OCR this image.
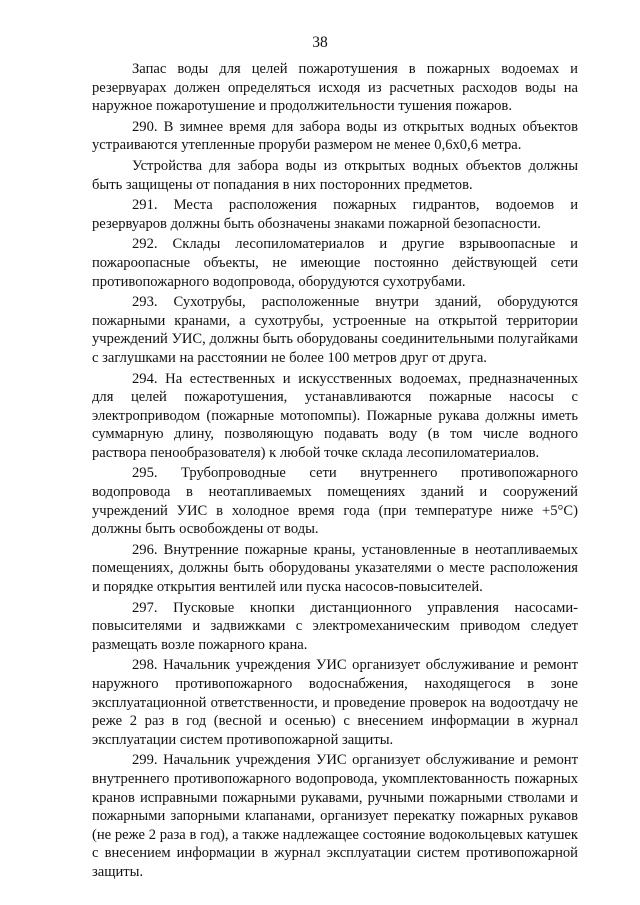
38

Запас воды для целей пожаротушения в пожарных водоемах и резервуарах должен определяться исходя из расчетных расходов воды на наружное пожаротушение и продолжительности тушения пожаров.

290. В зимнее время для забора воды из открытых водных объектов устраиваются утепленные проруби размером не менее 0,6х0,6 метра.

Устройства для забора воды из открытых водных объектов должны быть защищены от попадания в них посторонних предметов.

291. Места расположения пожарных гидрантов, водоемов и резервуаров должны быть обозначены знаками пожарной безопасности.

292. Склады лесопиломатериалов и другие взрывоопасные и пожароопасные объекты, не имеющие постоянно действующей сети противопожарного водопровода, оборудуются сухотрубами.

293. Сухотрубы, расположенные внутри зданий, оборудуются пожарными кранами, а сухотрубы, устроенные на открытой территории учреждений УИС, должны быть оборудованы соединительными полугайками с заглушками на расстоянии не более 100 метров друг от друга.

294. На естественных и искусственных водоемах, предназначенных для целей пожаротушения, устанавливаются пожарные насосы с электроприводом (пожарные мотопомпы). Пожарные рукава должны иметь суммарную длину, позволяющую подавать воду (в том числе водного раствора пенообразователя) к любой точке склада лесопиломатериалов.

295. Трубопроводные сети внутреннего противопожарного водопровода в неотапливаемых помещениях зданий и сооружений учреждений УИС в холодное время года (при температуре ниже +5°С) должны быть освобождены от воды.

296. Внутренние пожарные краны, установленные в неотапливаемых помещениях, должны быть оборудованы указателями о месте расположения и порядке открытия вентилей или пуска насосов-повысителей.

297. Пусковые кнопки дистанционного управления насосами-повысителями и задвижками с электромеханическим приводом следует размещать возле пожарного крана.

298. Начальник учреждения УИС организует обслуживание и ремонт наружного противопожарного водоснабжения, находящегося в зоне эксплуатационной ответственности, и проведение проверок на водоотдачу не реже 2 раз в год (весной и осенью) с внесением информации в журнал эксплуатации систем противопожарной защиты.

299. Начальник учреждения УИС организует обслуживание и ремонт внутреннего противопожарного водопровода, укомплектованность пожарных кранов исправными пожарными рукавами, ручными пожарными стволами и пожарными запорными клапанами, организует перекатку пожарных рукавов (не реже 2 раза в год), а также надлежащее состояние водокольцевых катушек с внесением информации в журнал эксплуатации систем противопожарной защиты.
